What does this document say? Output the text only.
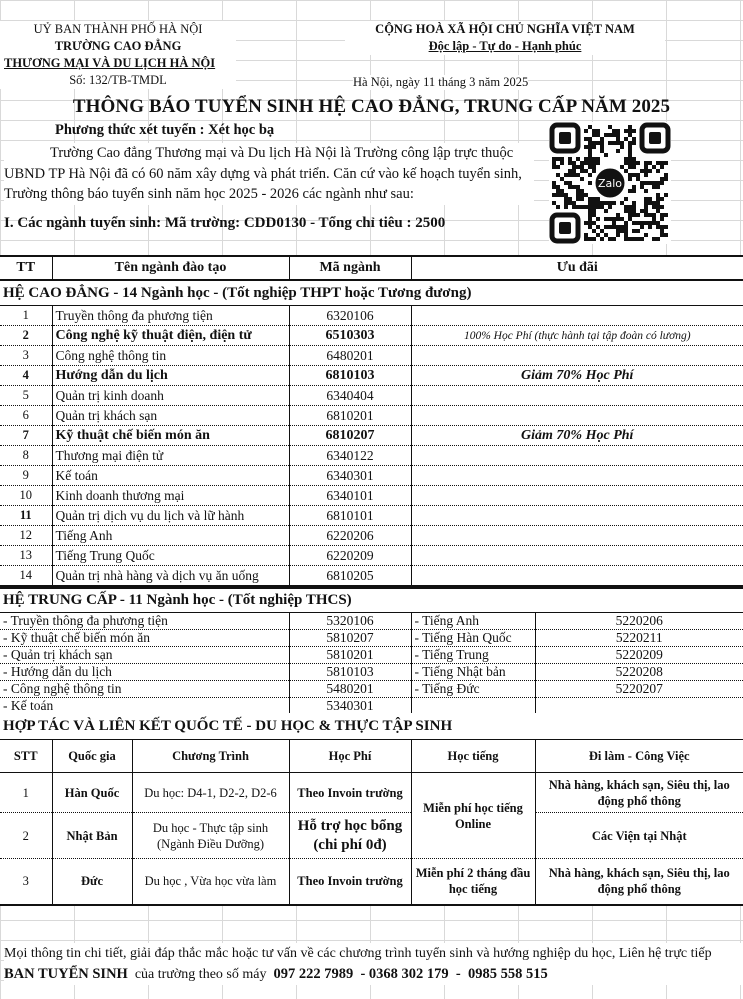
UỶ BAN THÀNH PHỐ HÀ NỘI
TRƯỜNG CAO ĐẲNG
THƯƠNG MẠI VÀ DU LỊCH HÀ NỘI
Số: 132/TB-TMDL
CỘNG HOÀ XÃ HỘI CHỦ NGHĨA VIỆT NAM
Độc lập - Tự do - Hạnh phúc
Hà Nội, ngày 11 tháng 3 năm 2025
THÔNG BÁO TUYỂN SINH HỆ CAO ĐẲNG, TRUNG CẤP NĂM 2025
Phương thức xét tuyển : Xét học bạ
Trường Cao đẳng Thương mại và Du lịch Hà Nội là Trường công lập trực thuộc UBND TP Hà Nội đã có 60 năm xây dựng và phát triển. Căn cứ vào kế hoạch tuyển sinh, Trường thông báo tuyển sinh năm học 2025 - 2026 các ngành như sau:
I. Các ngành tuyển sinh: Mã trường: CDD0130 - Tổng chỉ tiêu : 2500
Zalo
TT	Tên ngành đào tạo	Mã ngành	Ưu đãi
HỆ CAO ĐẲNG - 14 Ngành học - (Tốt nghiệp THPT hoặc Tương đương)			
1	Truyền thông đa phương tiện	6320106	
2	Công nghệ kỹ thuật điện, điện tử	6510303	100% Học Phí (thực hành tại tập đoàn có lương)
3	Công nghệ thông tin	6480201	
4	Hướng dẫn du lịch	6810103	Giảm 70% Học Phí
5	Quản trị kinh doanh	6340404	
6	Quản trị khách sạn	6810201	
7	Kỹ thuật chế biến món ăn	6810207	Giảm 70% Học Phí
8	Thương mại điện tử	6340122	
9	Kế toán	6340301	
10	Kinh doanh thương mại	6340101	
11	Quản trị dịch vụ du lịch và lữ hành	6810101	
12	Tiếng Anh	6220206	
13	Tiếng Trung Quốc	6220209	
14	Quản trị nhà hàng và dịch vụ ăn uống	6810205	
HỆ TRUNG CẤP - 11 Ngành học - (Tốt nghiệp THCS)			
- Truyền thông đa phương tiện	5320106	- Tiếng Anh	5220206
- Kỹ thuật chế biến món ăn	5810207	- Tiếng Hàn Quốc	5220211
- Quản trị khách sạn	5810201	- Tiếng Trung	5220209
- Hướng dẫn du lịch	5810103	- Tiếng Nhật bản	5220208
- Công nghệ thông tin	5480201	- Tiếng Đức	5220207
- Kế toán	5340301		
HỢP TÁC VÀ LIÊN KẾT QUỐC TẾ - DU HỌC & THỰC TẬP SINH					
STT	Quốc gia	Chương Trình	Học Phí	Học tiếng	Đi làm - Công Việc
1	Hàn Quốc	Du học: D4-1, D2-2, D2-6	Theo Invoin trường	Miễn phí học tiếng Online	Nhà hàng, khách sạn, Siêu thị, lao động phổ thông
2	Nhật Bản	Du học - Thực tập sinh (Ngành Điều Dưỡng)	Hỗ trợ học bổng (chi phí 0đ)		Các Viện tại Nhật
3	Đức	Du học , Vừa học vừa làm	Theo Invoin trường	Miễn phí 2 tháng đầu học tiếng	Nhà hàng, khách sạn, Siêu thị, lao động phổ thông
Mọi thông tin chi tiết, giải đáp thắc mắc hoặc tư vấn về các chương trình tuyển sinh và hướng nghiệp du học, Liên hệ trực tiếp BAN TUYỂN SINH  của trường theo số máy  097 222 7989  - 0368 302 179  -  0985 558 515
